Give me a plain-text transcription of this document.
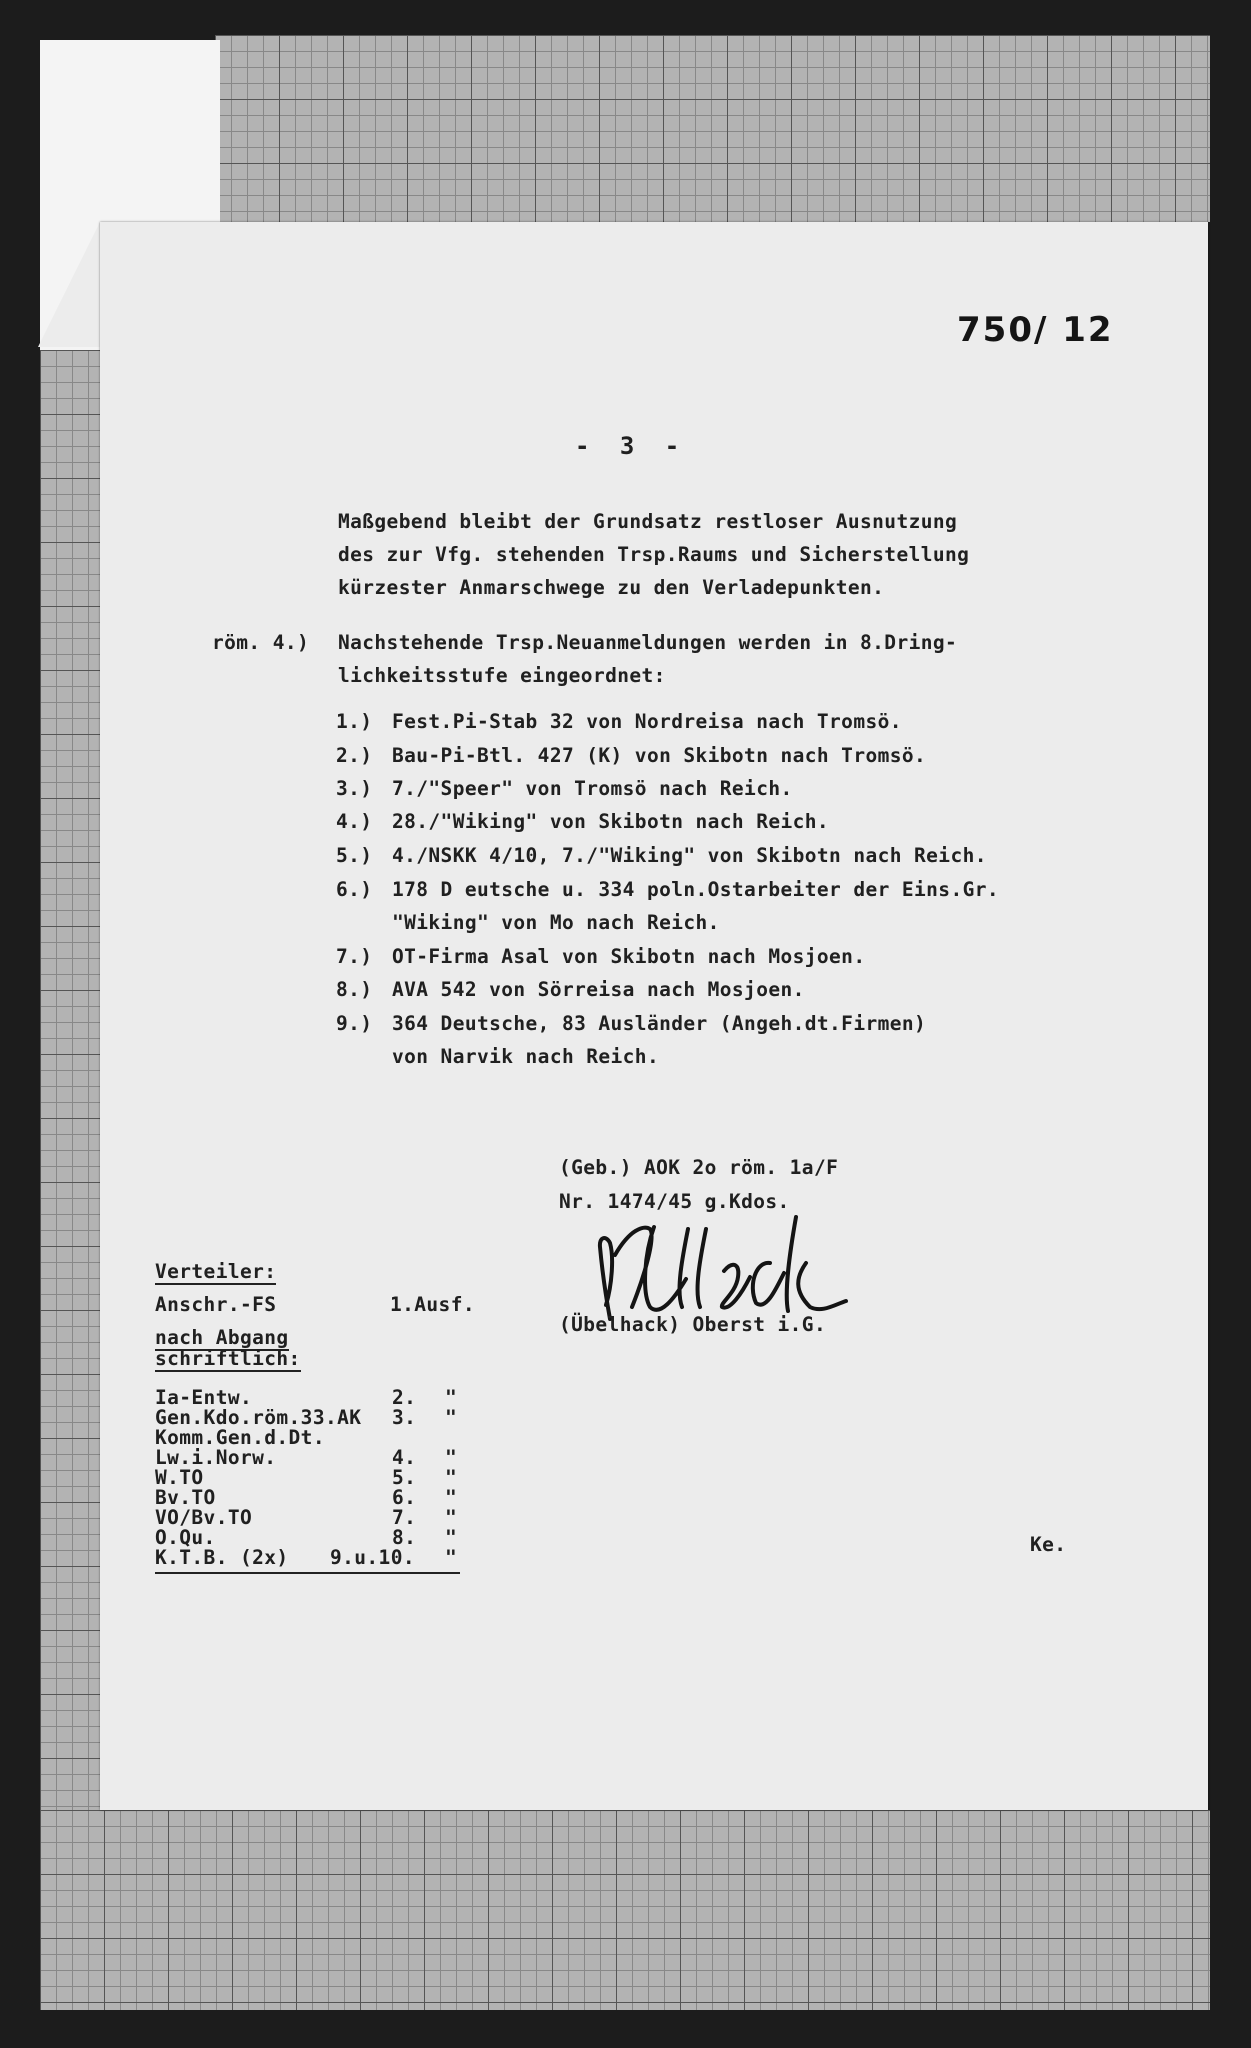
750/ 12
- 3 -
Maßgebend bleibt der Grundsatz restloser Ausnutzung
des zur Vfg. stehenden Trsp.Raums und Sicherstellung
kürzester Anmarschwege zu den Verladepunkten.
röm. 4.) Nachstehende Trsp.Neuanmeldungen werden in 8.Dring-
lichkeitsstufe eingeordnet:
1.) Fest.Pi-Stab 32 von Nordreisa nach Tromsö.
2.) Bau-Pi-Btl. 427 (K) von Skibotn nach Tromsö.
3.) 7./"Speer" von Tromsö nach Reich.
4.) 28./"Wiking" von Skibotn nach Reich.
5.) 4./NSKK 4/10, 7./"Wiking" von Skibotn nach Reich.
6.) 178 D eutsche u. 334 poln.Ostarbeiter der Eins.Gr.
"Wiking" von Mo nach Reich.
7.) OT-Firma Asal von Skibotn nach Mosjoen.
8.) AVA 542 von Sörreisa nach Mosjoen.
9.) 364 Deutsche, 83 Ausländer (Angeh.dt.Firmen)
von Narvik nach Reich.
(Geb.) AOK 2o röm. 1a/F
Nr. 1474/45 g.Kdos.
(Übelhack) Oberst i.G.
Verteiler:
Anschr.-FS	1.Ausf.
nach Abgang
schriftlich:
Ia-Entw.
Gen.Kdo.röm.33.AK
Komm.Gen.d.Dt.
Lw.i.Norw.
W.TO
Bv.TO
VO/Bv.TO
O.Qu.
K.T.B. (2x)
2.
3.
4.
5.
6.
7.
8.
9.u.10.
"
"
"
"
"
"
"
"
Ke.
